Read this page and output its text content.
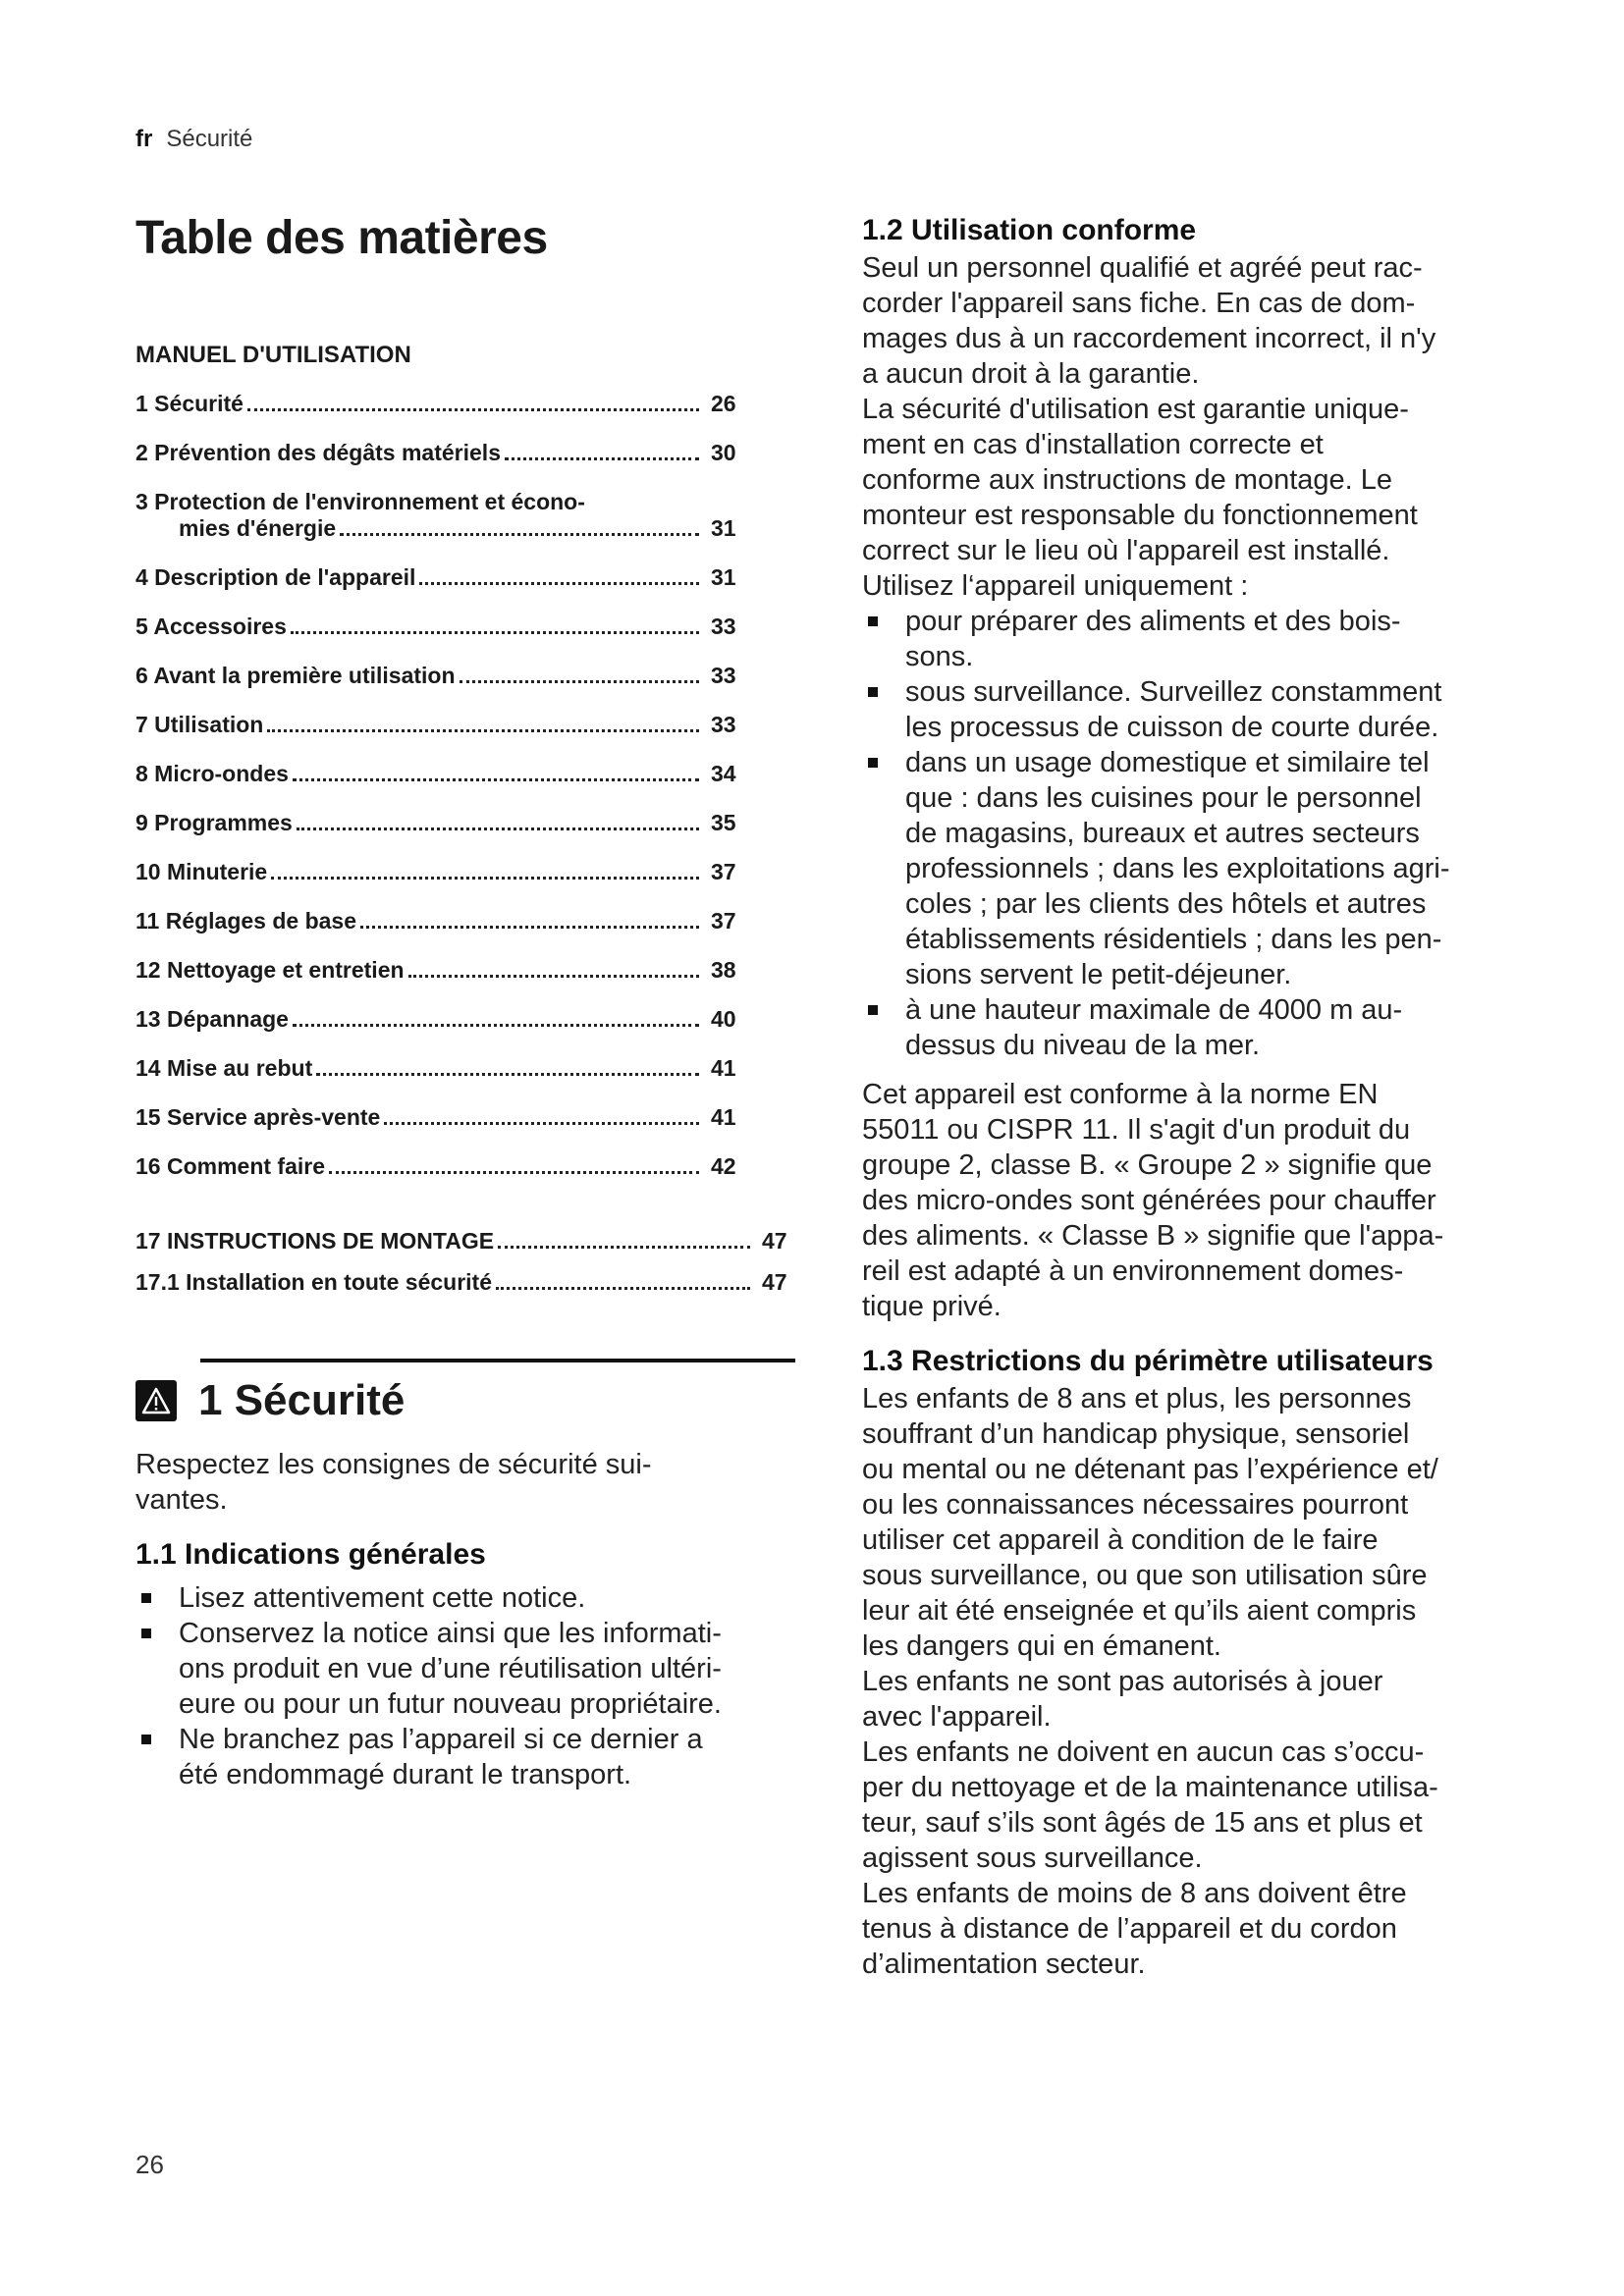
fr Sécurité
Table des matières
MANUEL D'UTILISATION
1 Sécurité	26
2 Prévention des dégâts matériels	30
3 Protection de l'environnement et écono-
mies d'énergie	31
4 Description de l'appareil	31
5 Accessoires	33
6 Avant la première utilisation	33
7 Utilisation	33
8 Micro-ondes	34
9 Programmes	35
10 Minuterie	37
11 Réglages de base	37
12 Nettoyage et entretien	38
13 Dépannage	40
14 Mise au rebut	41
15 Service après-vente	41
16 Comment faire	42
17 INSTRUCTIONS DE MONTAGE	47
17.1 Installation en toute sécurité	47
1 Sécurité

Respectez les consignes de sécurité sui-
vantes.

1.1 Indications générales
Lisez attentivement cette notice.
Conservez la notice ainsi que les informati-
ons produit en vue d’une réutilisation ultéri-
eure ou pour un futur nouveau propriétaire.
Ne branchez pas l’appareil si ce dernier a
été endommagé durant le transport.
1.2 Utilisation conforme

Seul un personnel qualifié et agréé peut rac-
corder l'appareil sans fiche. En cas de dom-
mages dus à un raccordement incorrect, il n'y
a aucun droit à la garantie.

La sécurité d'utilisation est garantie unique-
ment en cas d'installation correcte et
conforme aux instructions de montage. Le
monteur est responsable du fonctionnement
correct sur le lieu où l'appareil est installé.

Utilisez l‘appareil uniquement :

pour préparer des aliments et des bois-
sons.
sous surveillance. Surveillez constamment
les processus de cuisson de courte durée.
dans un usage domestique et similaire tel
que : dans les cuisines pour le personnel
de magasins, bureaux et autres secteurs
professionnels ; dans les exploitations agri-
coles ; par les clients des hôtels et autres
établissements résidentiels ; dans les pen-
sions servent le petit-déjeuner.
à une hauteur maximale de 4000 m au-
dessus du niveau de la mer.

Cet appareil est conforme à la norme EN
55011 ou CISPR 11. Il s'agit d'un produit du
groupe 2, classe B. « Groupe 2 » signifie que
des micro-ondes sont générées pour chauffer
des aliments. « Classe B » signifie que l'appa-
reil est adapté à un environnement domes-
tique privé.

1.3 Restrictions du périmètre utilisateurs

Les enfants de 8 ans et plus, les personnes
souffrant d’un handicap physique, sensoriel
ou mental ou ne détenant pas l’expérience et/
ou les connaissances nécessaires pourront
utiliser cet appareil à condition de le faire
sous surveillance, ou que son utilisation sûre
leur ait été enseignée et qu’ils aient compris
les dangers qui en émanent.

Les enfants ne sont pas autorisés à jouer
avec l'appareil.

Les enfants ne doivent en aucun cas s’occu-
per du nettoyage et de la maintenance utilisa-
teur, sauf s’ils sont âgés de 15 ans et plus et
agissent sous surveillance.

Les enfants de moins de 8 ans doivent être
tenus à distance de l’appareil et du cordon
d’alimentation secteur.

26
